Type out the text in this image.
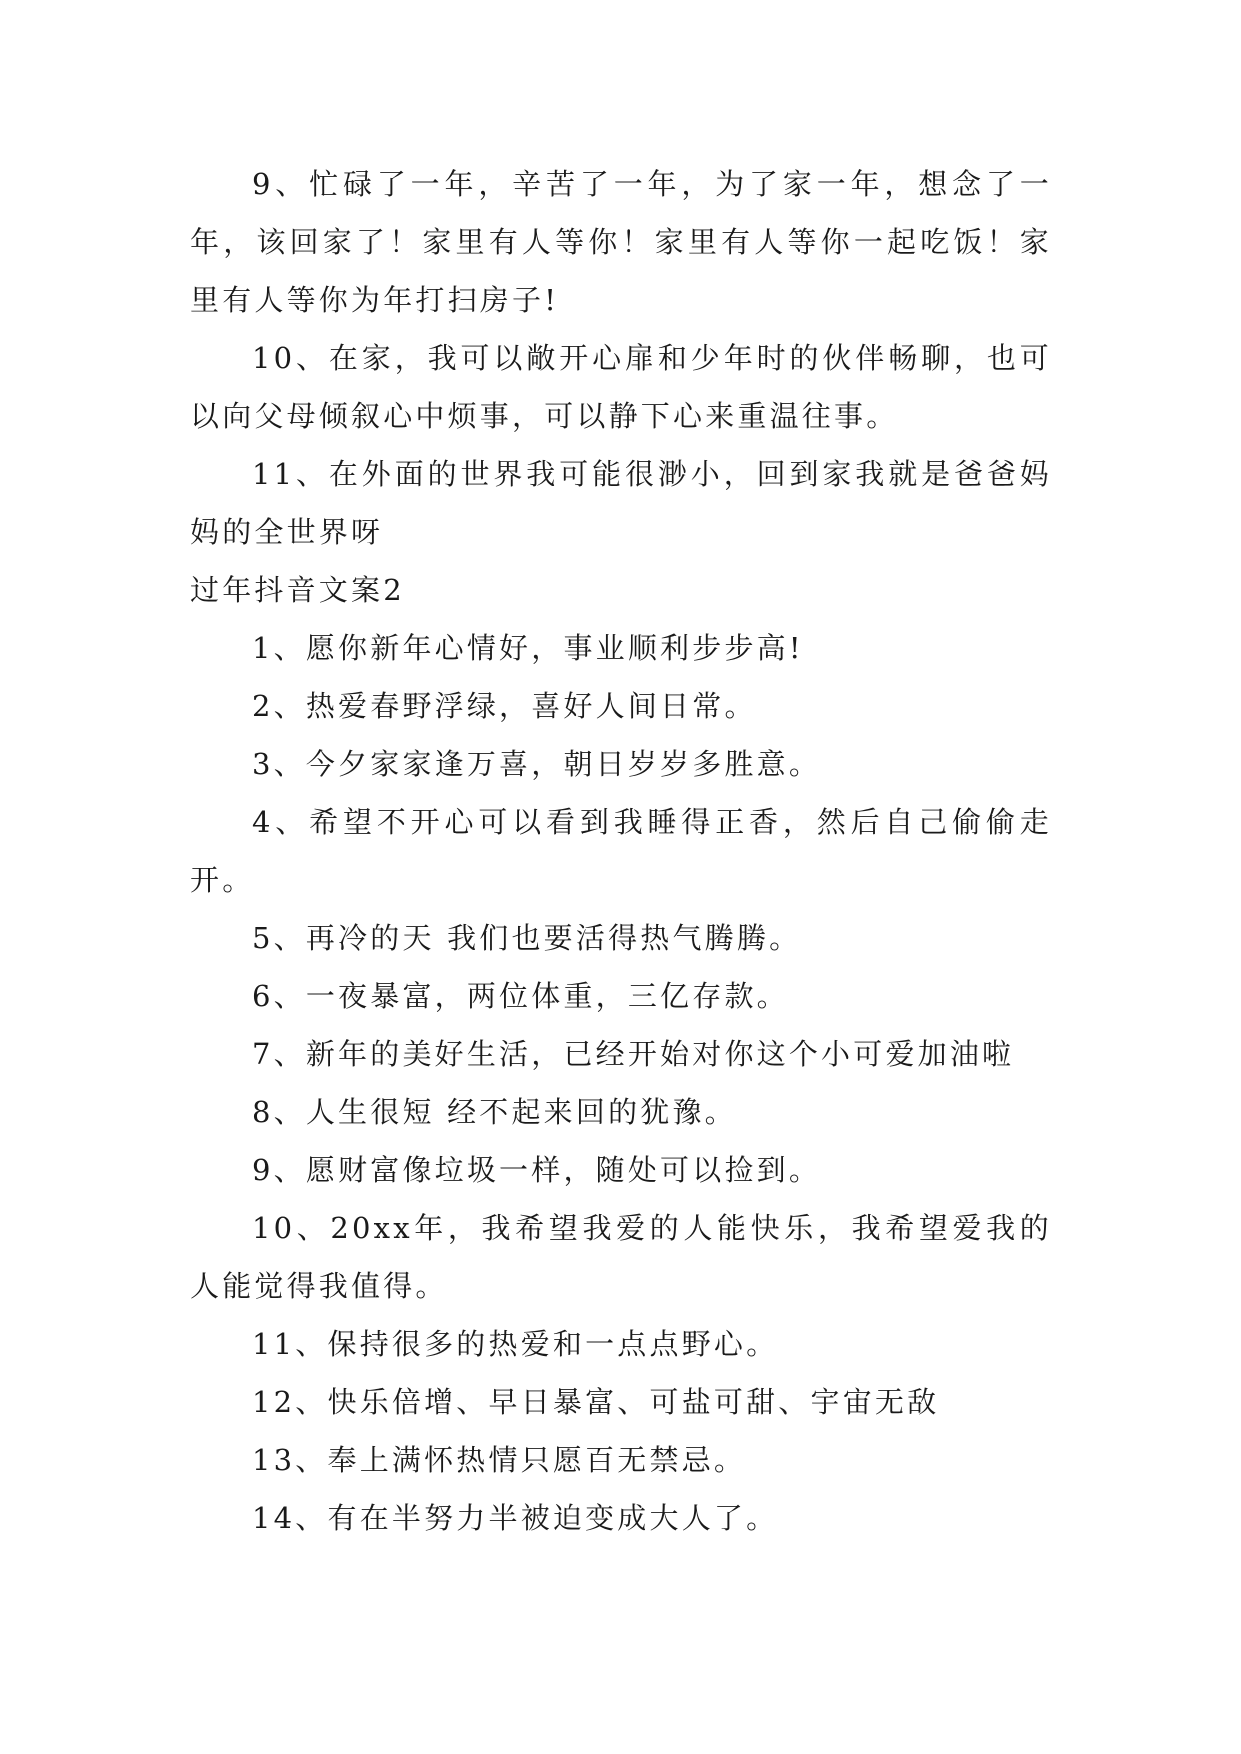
9、忙碌了一年，辛苦了一年，为了家一年，想念了一年，该回家了！家里有人等你！家里有人等你一起吃饭！家里有人等你为年打扫房子!

10、在家，我可以敞开心扉和少年时的伙伴畅聊，也可以向父母倾叙心中烦事，可以静下心来重温往事。

11、在外面的世界我可能很渺小，回到家我就是爸爸妈妈的全世界呀

过年抖音文案2

1、愿你新年心情好，事业顺利步步高!

2、热爱春野浮绿，喜好人间日常。

3、今夕家家逢万喜，朝日岁岁多胜意。

4、希望不开心可以看到我睡得正香，然后自己偷偷走开。

5、再冷的天 我们也要活得热气腾腾。

6、一夜暴富，两位体重，三亿存款。

7、新年的美好生活，已经开始对你这个小可爱加油啦

8、人生很短 经不起来回的犹豫。

9、愿财富像垃圾一样，随处可以捡到。

10、20xx年，我希望我爱的人能快乐，我希望爱我的人能觉得我值得。

11、保持很多的热爱和一点点野心。

12、快乐倍增、早日暴富、可盐可甜、宇宙无敌

13、奉上满怀热情只愿百无禁忌。

14、有在半努力半被迫变成大人了。
